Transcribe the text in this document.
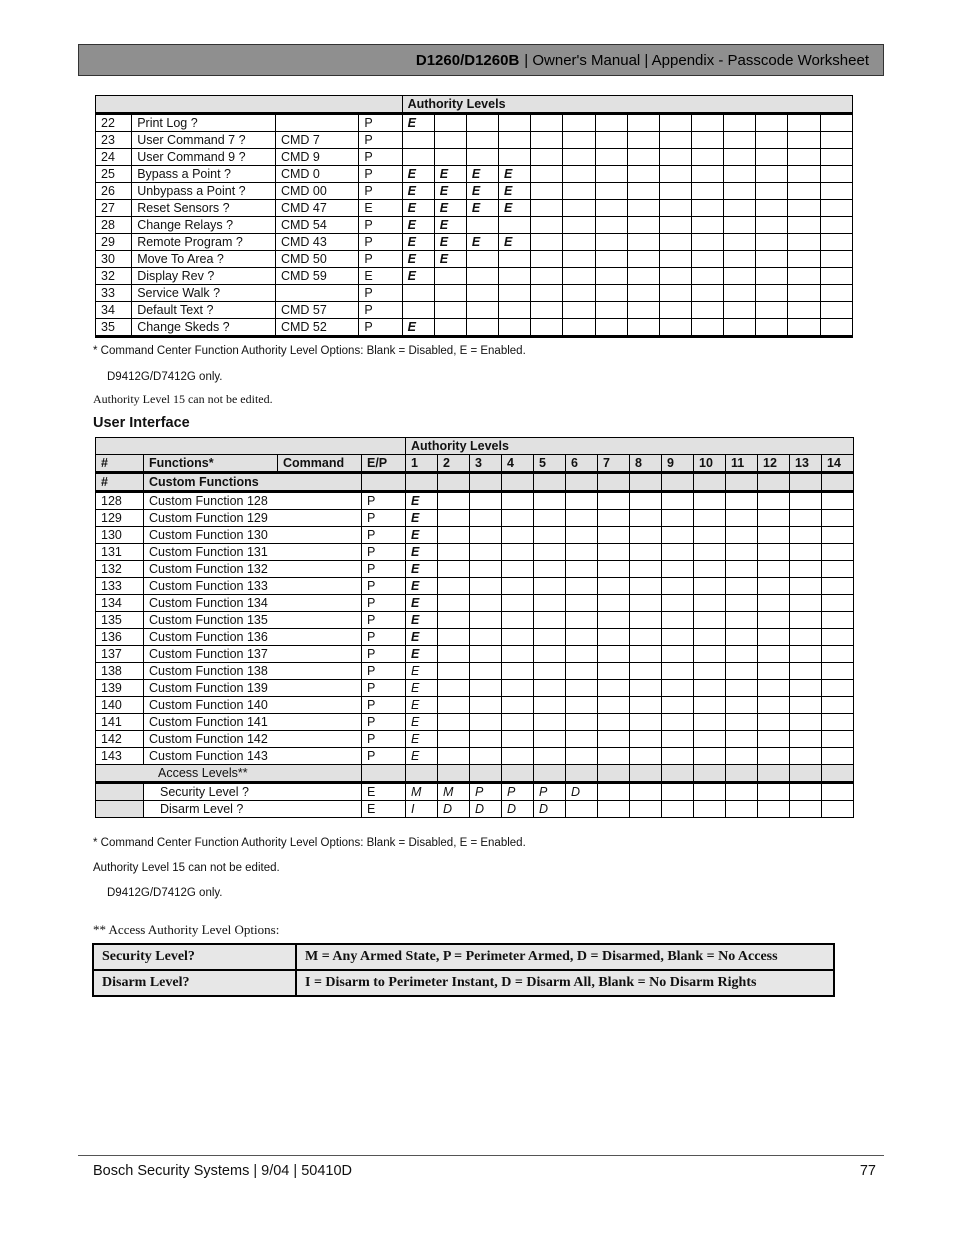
D1260/D1260B | Owner's Manual | Appendix - Passcode Worksheet
				Authority Levels													
22	Print Log ?		P	E													
23	User Command 7 ?	CMD 7	P														
24	User Command 9 ?	CMD 9	P														
25	Bypass a Point ?	CMD 0	P	E	E	E	E										
26	Unbypass a Point ?	CMD 00	P	E	E	E	E										
27	Reset Sensors ?	CMD 47	E	E	E	E	E										
28	Change Relays ?	CMD 54	P	E	E												
29	Remote Program ?	CMD 43	P	E	E	E	E										
30	Move To Area ?	CMD 50	P	E	E												
32	Display Rev ?	CMD 59	E	E													
33	Service Walk ?		P														
34	Default Text ?	CMD 57	P														
35	Change Skeds ?	CMD 52	P	E													
* Command Center Function Authority Level Options: Blank = Disabled, E = Enabled.
D9412G/D7412G only.
Authority Level 15 can not be edited.
User Interface
				Authority Levels													
#	Functions*	Command	E/P	1	2	3	4	5	6	7	8	9	10	11	12	13	14
#	Custom Functions																
128	Custom Function 128		P	E													
129	Custom Function 129		P	E													
130	Custom Function 130		P	E													
131	Custom Function 131		P	E													
132	Custom Function 132		P	E													
133	Custom Function 133		P	E													
134	Custom Function 134		P	E													
135	Custom Function 135		P	E													
136	Custom Function 136		P	E													
137	Custom Function 137		P	E													
138	Custom Function 138		P	E													
139	Custom Function 139		P	E													
140	Custom Function 140		P	E													
141	Custom Function 141		P	E													
142	Custom Function 142		P	E													
143	Custom Function 143		P	E													
Access Levels**																	
	Security Level ?		E	M	M	P	P	P	D								
	Disarm Level ?		E	I	D	D	D	D									
* Command Center Function Authority Level Options: Blank = Disabled, E = Enabled.
Authority Level 15 can not be edited.
D9412G/D7412G only.
** Access Authority Level Options:
Security Level?	M = Any Armed State, P = Perimeter Armed, D = Disarmed, Blank = No Access
Disarm Level?	I = Disarm to Perimeter Instant, D = Disarm All, Blank = No Disarm Rights
Bosch Security Systems | 9/04 | 50410D	77
